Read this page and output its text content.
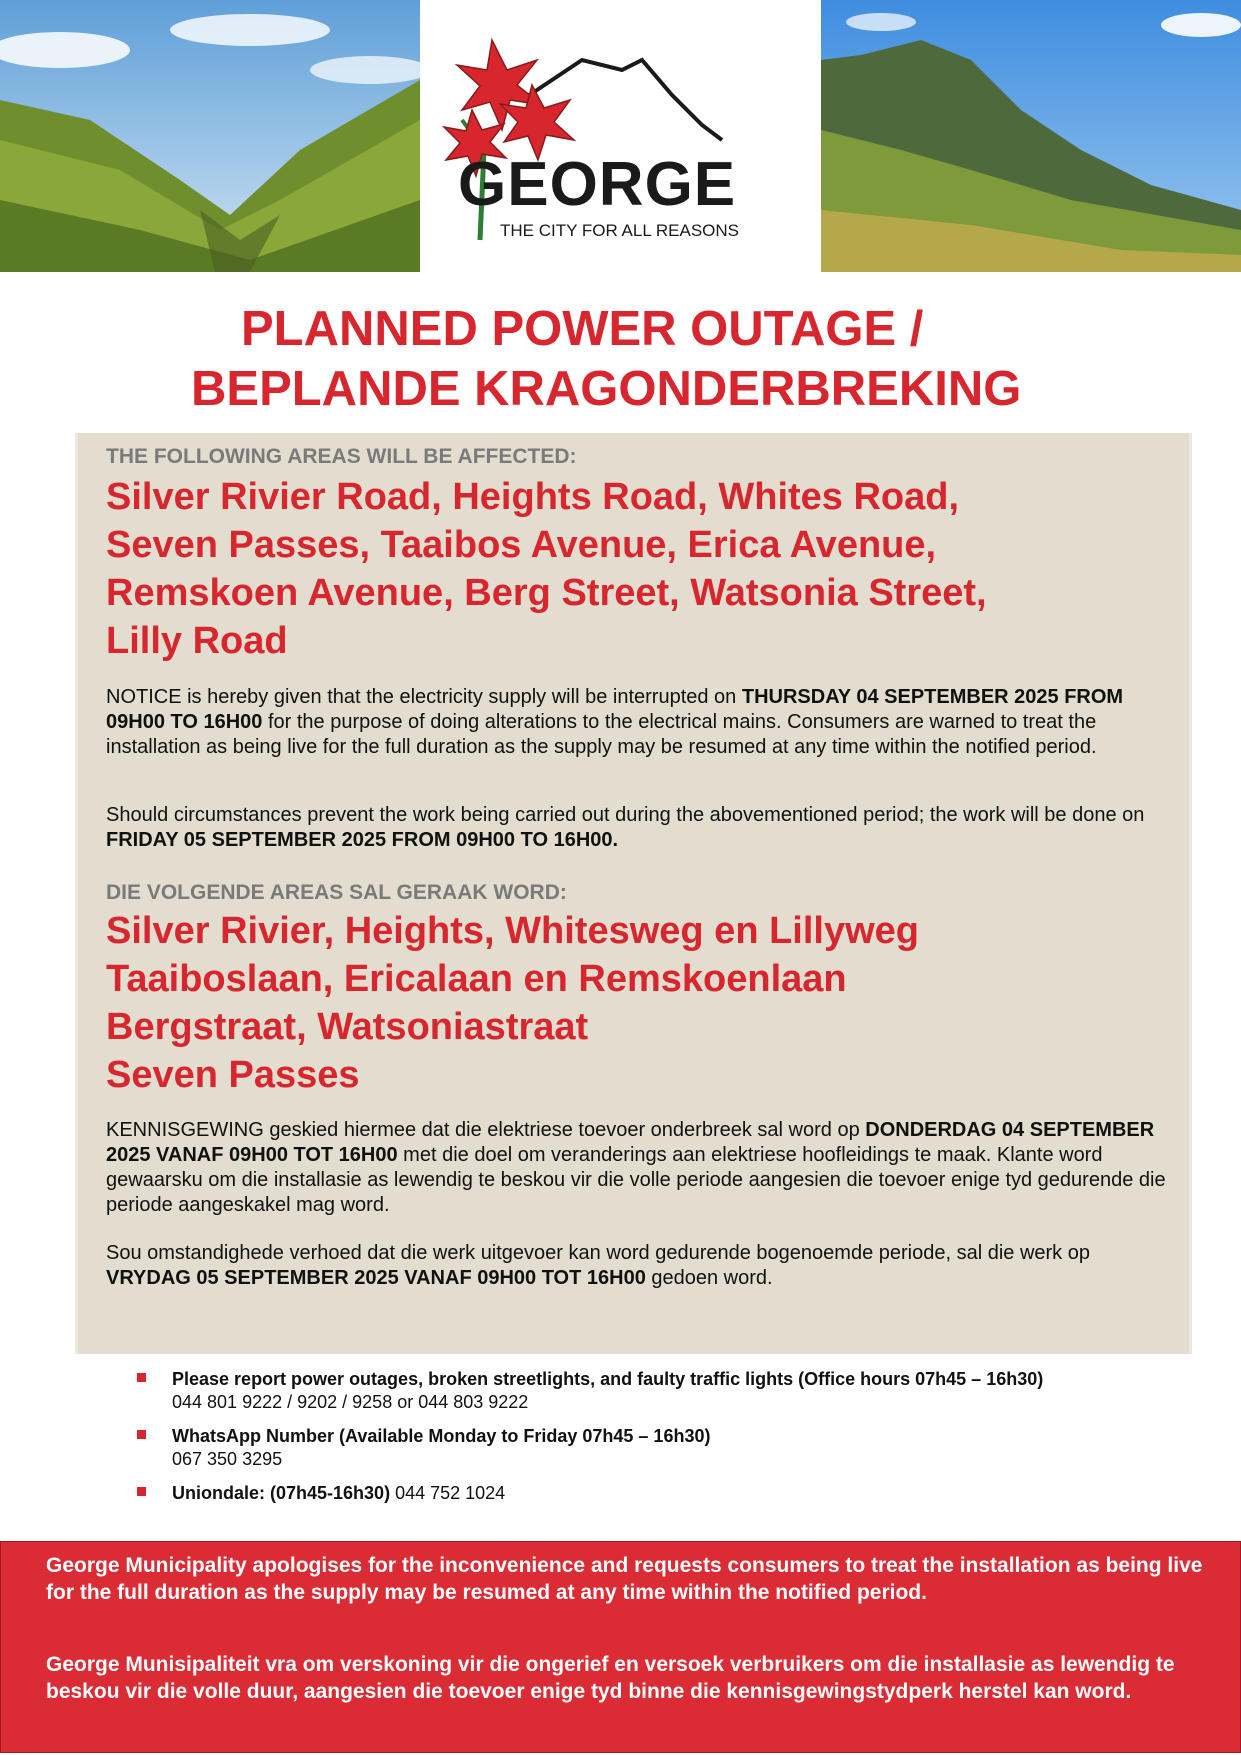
GEORGE
THE CITY FOR ALL REASONS
PLANNED POWER OUTAGE /
BEPLANDE KRAGONDERBREKING
THE FOLLOWING AREAS WILL BE AFFECTED:
Silver Rivier Road, Heights Road, Whites Road,
Seven Passes, Taaibos Avenue, Erica Avenue,
Remskoen Avenue, Berg Street, Watsonia Street,
Lilly Road
NOTICE is hereby given that the electricity supply will be interrupted on THURSDAY 04 SEPTEMBER 2025 FROM 09H00 TO 16H00 for the purpose of doing alterations to the electrical mains. Consumers are warned to treat the installation as being live for the full duration as the supply may be resumed at any time within the notified period.
Should circumstances prevent the work being carried out during the abovementioned period; the work will be done on FRIDAY 05 SEPTEMBER 2025 FROM 09H00 TO 16H00.
DIE VOLGENDE AREAS SAL GERAAK WORD:
Silver Rivier, Heights, Whitesweg en Lillyweg
Taaiboslaan, Ericalaan en Remskoenlaan
Bergstraat, Watsoniastraat
Seven Passes
KENNISGEWING geskied hiermee dat die elektriese toevoer onderbreek sal word op DONDERDAG 04 SEPTEMBER 2025 VANAF 09H00 TOT 16H00 met die doel om veranderings aan elektriese hoofleidings te maak. Klante word gewaarsku om die installasie as lewendig te beskou vir die volle periode aangesien die toevoer enige tyd gedurende die periode aangeskakel mag word.
Sou omstandighede verhoed dat die werk uitgevoer kan word gedurende bogenoemde periode, sal die werk op VRYDAG 05 SEPTEMBER 2025 VANAF 09H00 TOT 16H00 gedoen word.
Please report power outages, broken streetlights, and faulty traffic lights (Office hours 07h45 – 16h30)
044 801 9222 / 9202 / 9258 or 044 803 9222
WhatsApp Number (Available Monday to Friday 07h45 – 16h30)
067 350 3295
Uniondale: (07h45-16h30) 044 752 1024
George Municipality apologises for the inconvenience and requests consumers to treat the installation as being live for the full duration as the supply may be resumed at any time within the notified period.
George Munisipaliteit vra om verskoning vir die ongerief en versoek verbruikers om die installasie as lewendig te beskou vir die volle duur, aangesien die toevoer enige tyd binne die kennisgewingstydperk herstel kan word.
